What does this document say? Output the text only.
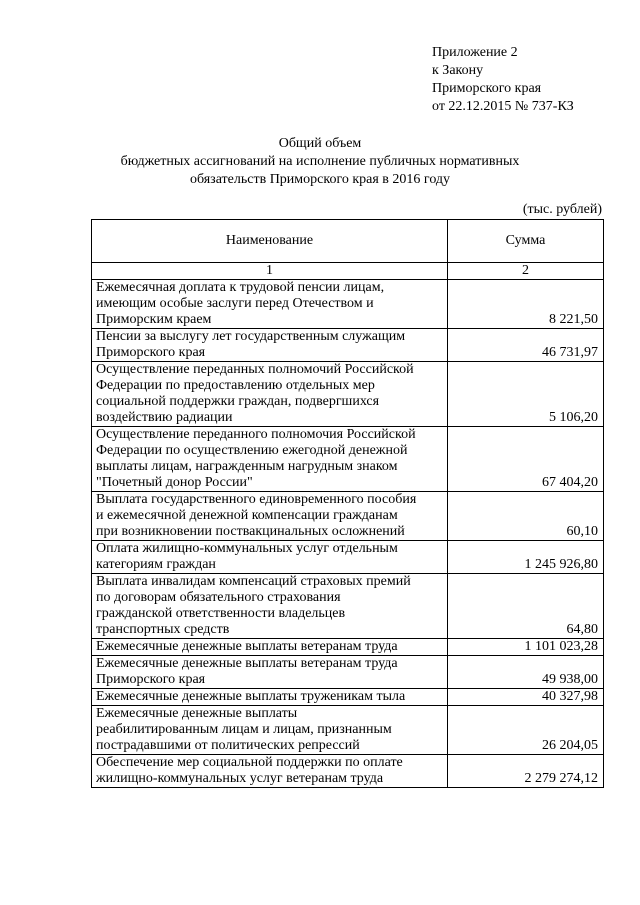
Приложение 2
к Закону
Приморского края
от 22.12.2015 № 737-КЗ
Общий объем
бюджетных ассигнований на исполнение публичных нормативных
обязательств Приморского края в 2016 году
(тыс. рублей)
Наименование	Сумма
1	2

Ежемесячная доплата к трудовой пенсии лицам,
имеющим особые заслуги перед Отечеством и
Приморским краем	8 221,50

Пенсии за выслугу лет государственным служащим
Приморского края	46 731,97

Осуществление переданных полномочий Российской
Федерации по предоставлению отдельных мер
социальной поддержки граждан, подвергшихся
воздействию радиации	5 106,20

Осуществление переданного полномочия Российской
Федерации по осуществлению ежегодной денежной
выплаты лицам, награжденным нагрудным знаком
"Почетный донор России"	67 404,20

Выплата государственного единовременного пособия
и ежемесячной денежной компенсации гражданам
при возникновении поствакцинальных осложнений	60,10

Оплата жилищно-коммунальных услуг отдельным
категориям граждан	1 245 926,80

Выплата инвалидам компенсаций страховых премий
по договорам обязательного страхования
гражданской ответственности владельцев
транспортных средств	64,80

Ежемесячные денежные выплаты ветеранам труда	1 101 023,28

Ежемесячные денежные выплаты ветеранам труда
Приморского края	49 938,00

Ежемесячные денежные выплаты труженикам тыла	40 327,98

Ежемесячные денежные выплаты
реабилитированным лицам и лицам, признанным
пострадавшими от политических репрессий	26 204,05

Обеспечение мер социальной поддержки по оплате
жилищно-коммунальных услуг ветеранам труда	2 279 274,12
